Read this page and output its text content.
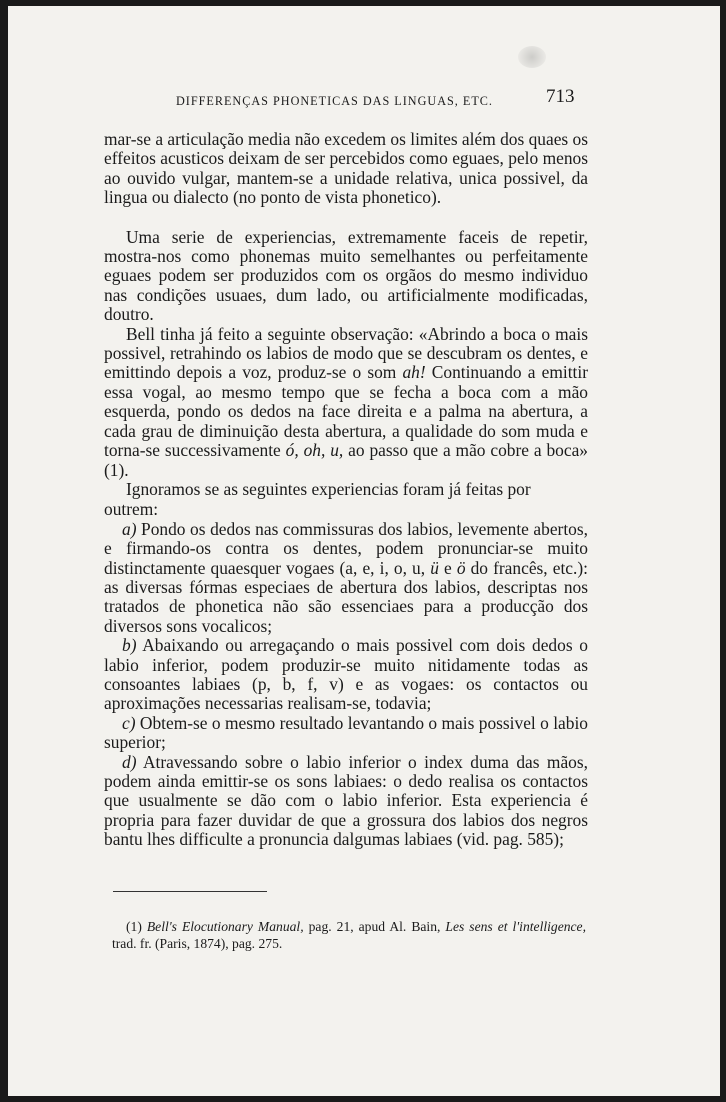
DIFFERENÇAS PHONETICAS DAS LINGUAS, ETC.	713

mar-se a articulação media não excedem os limites além dos quaes os effeitos acusticos deixam de ser percebidos como eguaes, pelo menos ao ouvido vulgar, mantem-se a unidade relativa, unica possivel, da lingua ou dialecto (no ponto de vista phonetico).

Uma serie de experiencias, extremamente faceis de repetir, mostra-nos como phonemas muito semelhantes ou perfeitamente eguaes podem ser produzidos com os orgãos do mesmo individuo nas condições usuaes, dum lado, ou artificialmente modificadas, doutro.

Bell tinha já feito a seguinte observação: «Abrindo a boca o mais possivel, retrahindo os labios de modo que se descubram os dentes, e emittindo depois a voz, produz-se o som ah! Continuando a emittir essa vogal, ao mesmo tempo que se fecha a boca com a mão esquerda, pondo os dedos na face direita e a palma na abertura, a cada grau de diminuição desta abertura, a qualidade do som muda e torna-se successivamente ó, oh, u, ao passo que a mão cobre a boca» (1).

Ignoramos se as seguintes experiencias foram já feitas por

outrem:

a) Pondo os dedos nas commissuras dos labios, levemente abertos, e firmando-os contra os dentes, podem pronunciar-se muito distinctamente quaesquer vogaes (a, e, i, o, u, ü e ö do francês, etc.): as diversas fórmas especiaes de abertura dos labios, descriptas nos tratados de phonetica não são essenciaes para a producção dos diversos sons vocalicos;

b) Abaixando ou arregaçando o mais possivel com dois dedos o labio inferior, podem produzir-se muito nitidamente todas as consoantes labiaes (p, b, f, v) e as vogaes: os contactos ou aproximações necessarias realisam-se, todavia;

c) Obtem-se o mesmo resultado levantando o mais possivel o labio superior;

d) Atravessando sobre o labio inferior o index duma das mãos, podem ainda emittir-se os sons labiaes: o dedo realisa os contactos que usualmente se dão com o labio inferior. Esta experiencia é propria para fazer duvidar de que a grossura dos labios dos negros bantu lhes difficulte a pronuncia dalgumas labiaes (vid. pag. 585);

(1) Bell's Elocutionary Manual, pag. 21, apud Al. Bain, Les sens et l'intelligence, trad. fr. (Paris, 1874), pag. 275.
